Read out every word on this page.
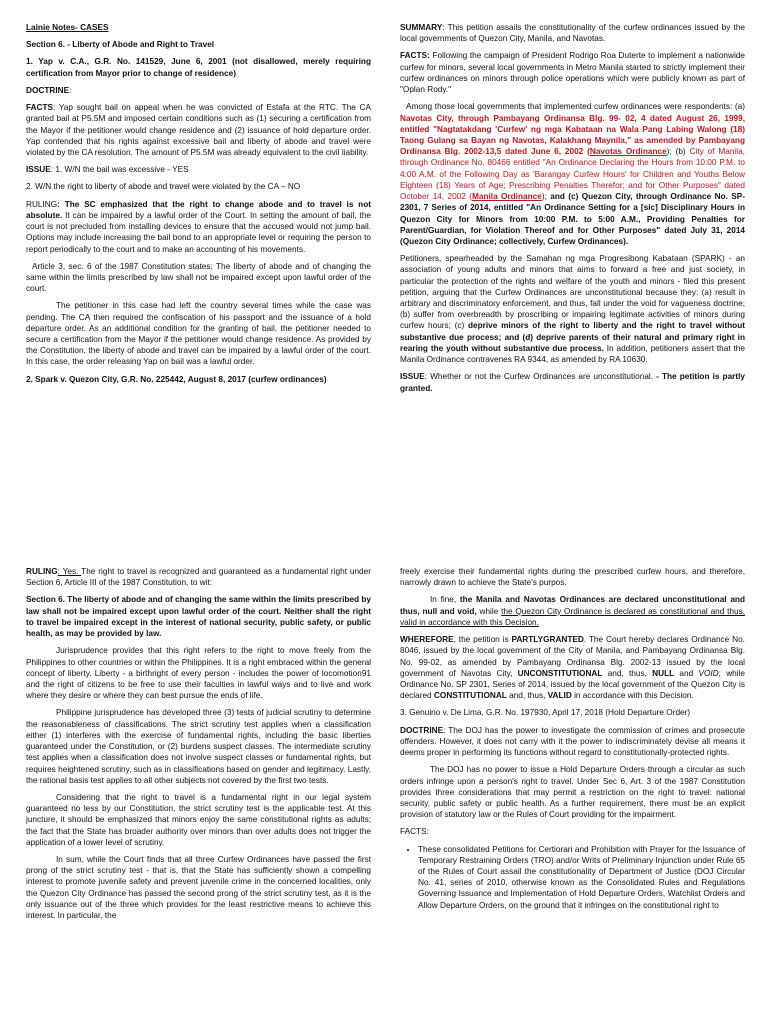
Lainie Notes- CASES

Section 6. - Liberty of Abode and Right to Travel

1. Yap v. C.A., G.R. No. 141529, June 6, 2001 (not disallowed, merely requiring certification from Mayor prior to change of residence)

DOCTRINE:

FACTS: Yap sought bail on appeal when he was convicted of Estafa at the RTC. The CA granted bail at P5.5M and imposed certain conditions such as (1) securing a certification from the Mayor if the petitioner would change residence and (2) issuance of hold departure order. Yap contended that his rights against excessive bail and liberty of abode and travel were violated by the CA resolution. The amount of P5.5M was already equivalent to the civil liability.

ISSUE: 1. W/N the bail was excessive - YES

2. W/N the right to liberty of abode and travel were violated by the CA – NO

RULING: The SC emphasized that the right to change abode and to travel is not absolute. It can be impaired by a lawful order of the Court. In setting the amount of bail, the court is not precluded from installing devices to ensure that the accused would not jump bail. Options may include increasing the bail bond to an appropriate level or requiring the person to report periodically to the court and to make an accounting of his movements.

Article 3, sec. 6 of the 1987 Constitution states: The liberty of abode and of changing the same within the limits prescribed by law shall not be impaired except upon lawful order of the court.

The petitioner in this case had left the country several times while the case was pending. The CA then required the confiscation of his passport and the issuance of a hold departure order. As an additional condition for the granting of bail, the petitioner needed to secure a certification from the Mayor if the petitioner would change residence. As provided by the Constitution, the liberty of abode and travel can be impaired by a lawful order of the court. In this case, the order releasing Yap on bail was a lawful order.

2. Spark v. Quezon City, G.R. No. 225442, August 8, 2017 (curfew ordinances)

SUMMARY: This petition assails the constitutionality of the curfew ordinances issued by the local governments of Quezon City, Manila, and Navotas.

FACTS: Following the campaign of President Rodrigo Roa Duterte to implement a nationwide curfew for minors, several local governments in Metro Manila started to strictly implement their curfew ordinances on minors through police operations which were publicly known as part of "Oplan Rody."

Among those local governments that implemented curfew ordinances were respondents: (a) Navotas City, through Pambayang Ordinansa Blg. 99- 02, 4 dated August 26, 1999, entitled "Nagtatakdang 'Curfew' ng mga Kabataan na Wala Pang Labing Walong (18) Taong Gulang sa Bayan ng Navotas, Kalakhang Maynila," as amended by Pambayang Ordinansa Blg. 2002-13,5 dated June 6, 2002 (Navotas Ordinance); (b) City of Manila, through Ordinance No. 80466 entitled "An Ordinance Declaring the Hours from 10:00 P.M. to 4:00 A.M. of the Following Day as 'Barangay Curfew Hours' for Children and Youths Below Eighteen (18) Years of Age; Prescribing Penalties Therefor; and for Other Purposes" dated October 14, 2002 (Manila Ordinance); and (c) Quezon City, through Ordinance No. SP- 2301, 7 Series of 2014, entitled "An Ordinance Setting for a [sic] Disciplinary Hours in Quezon City for Minors from 10:00 P.M. to 5:00 A.M., Providing Penalties for Parent/Guardian, for Violation Thereof and for Other Purposes" dated July 31, 2014 (Quezon City Ordinance; collectively, Curfew Ordinances).

Petitioners, spearheaded by the Samahan ng mga Progresibong Kabataan (SPARK) - an association of young adults and minors that aims to forward a free and just society, in particular the protection of the rights and welfare of the youth and minors - filed this present petition, arguing that the Curfew Ordinances are unconstitutional because they: (a) result in arbitrary and discriminatory enforcement, and thus, fall under the void for vagueness doctrine; (b) suffer from overbreadth by proscribing or impairing legitimate activities of minors during curfew hours; (c) deprive minors of the right to liberty and the right to travel without substantive due process; and (d) deprive parents of their natural and primary right in rearing the youth without substantive due process. In addition, petitioners assert that the Manila Ordinance contravenes RA 9344, as amended by RA 10630.

ISSUE: Whether or not the Curfew Ordinances are unconstitutional. - The petition is partly granted.

RULING: Yes. The right to travel is recognized and guaranteed as a fundamental right under Section 6, Article III of the 1987 Constitution, to wit:

Section 6. The liberty of abode and of changing the same within the limits prescribed by law shall not be impaired except upon lawful order of the court. Neither shall the right to travel be impaired except in the interest of national security, public safety, or public health, as may be provided by law.

Jurisprudence provides that this right refers to the right to move freely from the Philippines to other countries or within the Philippines. It is a right embraced within the general concept of liberty. Liberty - a birthright of every person - includes the power of locomotion91 and the right of citizens to be free to use their faculties in lawful ways and to live and work where they desire or where they can best pursue the ends of life.

Philippine jurisprudence has developed three (3) tests of judicial scrutiny to determine the reasonableness of classifications. The strict scrutiny test applies when a classification either (1) interferes with the exercise of fundamental rights, including the basic liberties guaranteed under the Constitution, or (2) burdens suspect classes. The intermediate scrutiny test applies when a classification does not involve suspect classes or fundamental rights, but requires heightened scrutiny, such as in classifications based on gender and legitimacy. Lastly, the rational basis test applies to all other subjects not covered by the first two tests.

Considering that the right to travel is a fundamental right in our legal system guaranteed no less by our Constitution, the strict scrutiny test is the applicable test. At this juncture, it should be emphasized that minors enjoy the same constitutional rights as adults; the fact that the State has broader authority over minors than over adults does not trigger the application of a lower level of scrutiny.

In sum, while the Court finds that all three Curfew Ordinances have passed the first prong of the strict scrutiny test - that is, that the State has sufficiently shown a compelling interest to promote juvenile safety and prevent juvenile crime in the concerned localities, only the Quezon City Ordinance has passed the second prong of the strict scrutiny test, as it is the only issuance out of the three which provides for the least restrictive means to achieve this interest. In particular, the

freely exercise their fundamental rights during the prescribed curfew hours, and therefore, narrowly drawn to achieve the State's purpos.

In fine, the Manila and Navotas Ordinances are declared unconstitutional and thus, null and void, while the Quezon City Ordinance is declared as constitutional and thus, valid in accordance with this Decision.

WHEREFORE, the petition is PARTLYGRANTED. The Court hereby declares Ordinance No. 8046, issued by the local government of the City of Manila, and Pambayang Ordinansa Blg. No. 99-02, as amended by Pambayang Ordinansa Blg. 2002-13 issued by the local government of Navotas City, UNCONSTITUTIONAL and, thus, NULL and VOID; while Ordinance No. SP 2301, Series of 2014, issued by the local government of the Quezon City is declared CONSTITUTIONAL and, thus, VALID in accordance with this Decision.

3. Genuino v. De Lima, G.R. No. 197930, April 17, 2018 (Hold Departure Order)

DOCTRINE: The DOJ has the power to investigate the commission of crimes and prosecute offenders. However, it does not carry with it the power to indiscriminately devise all means it deems proper in performing its functions without regard to constitutionally-protected rights.

The DOJ has no power to issue a Hold Departure Orders through a circular as such orders infringe upon a person's right to travel. Under Sec 6, Art. 3 of the 1987 Constitution provides three considerations that may permit a restriction on the right to travel: national security, public safety or public health. As a further requirement, there must be an explicit provision of statutory law or the Rules of Court providing for the impairment.

FACTS:

• These consolidated Petitions for Certiorari and Prohibition with Prayer for the Issuance of Temporary Restraining Orders (TRO) and/or Writs of Preliminary Injunction under Rule 65 of the Rules of Court assail the constitutionality of Department of Justice (DOJ Circular No. 41, series of 2010, otherwise known as the Consolidated Rules and Regulations Governing Issuance and Implementation of Hold Departure Orders, Watchlist Orders and Allow Departure Orders, on the ground that it infringes on the constitutional right to
